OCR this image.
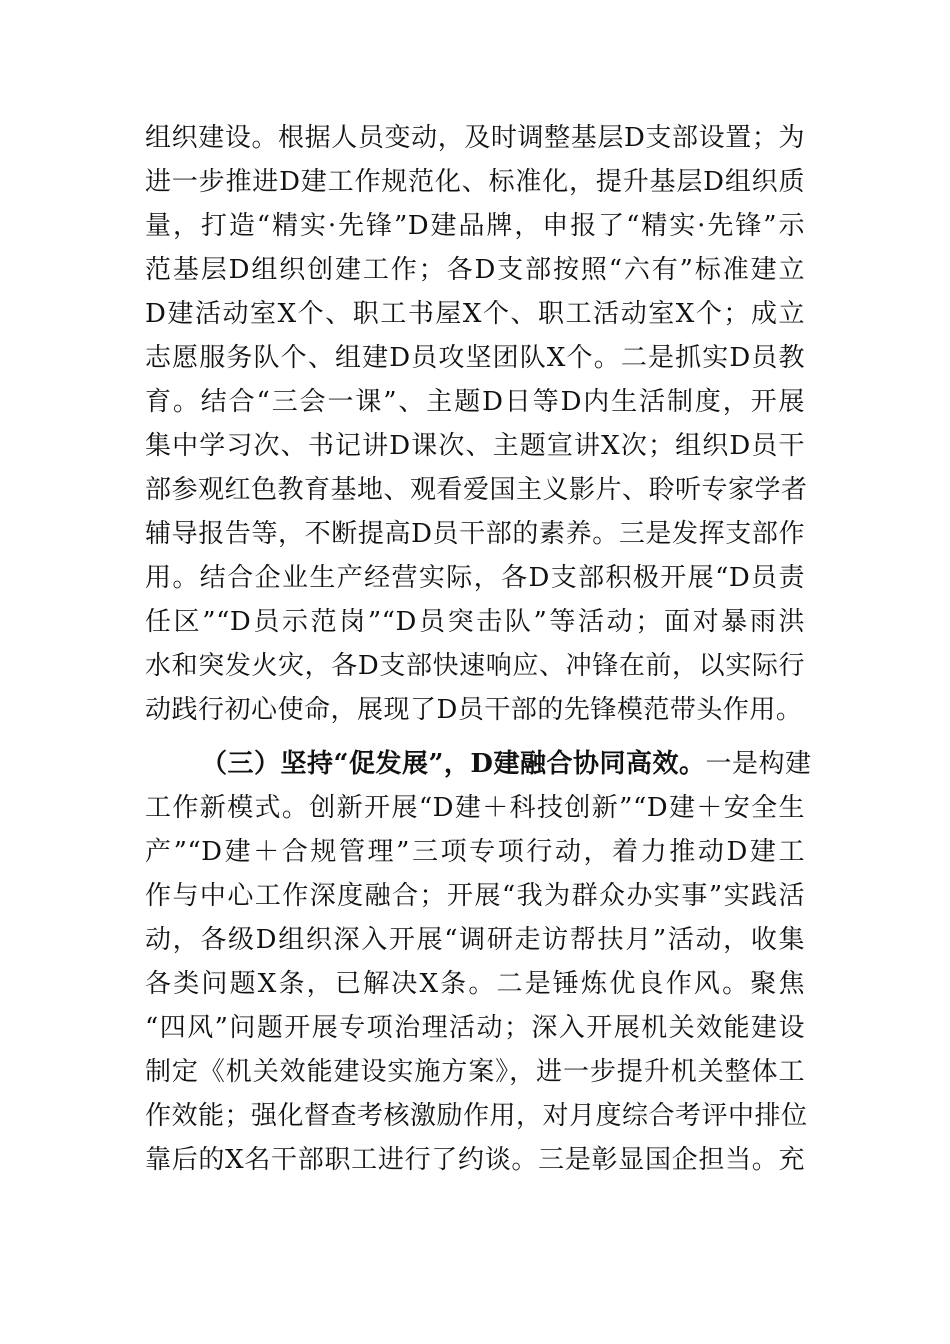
组织建设。根据人员变动，及时调整基层D支部设置；为
进一步推进D建工作规范化、标准化，提升基层D组织质
量，打造“精实·先锋”D建品牌，申报了“精实·先锋”示
范基层D组织创建工作；各D支部按照“六有”标准建立
D建活动室X个、职工书屋X个、职工活动室X个；成立
志愿服务队个、组建D员攻坚团队X个。二是抓实D员教
育。结合“三会一课”、主题D日等D内生活制度，开展
集中学习次、书记讲D课次、主题宣讲X次；组织D员干
部参观红色教育基地、观看爱国主义影片、聆听专家学者
辅导报告等，不断提高D员干部的素养。三是发挥支部作
用。结合企业生产经营实际，各D支部积极开展“D员责
任区”“D员示范岗”“D员突击队”等活动；面对暴雨洪
水和突发火灾，各D支部快速响应、冲锋在前，以实际行
动践行初心使命，展现了D员干部的先锋模范带头作用。
（三）坚持“促发展”，D建融合协同高效。一是构建
工作新模式。创新开展“D建＋科技创新”“D建＋安全生
产”“D建＋合规管理”三项专项行动，着力推动D建工
作与中心工作深度融合；开展“我为群众办实事”实践活
动，各级D组织深入开展“调研走访帮扶月”活动，收集
各类问题X条，已解决X条。二是锤炼优良作风。聚焦
“四风”问题开展专项治理活动；深入开展机关效能建设
制定《机关效能建设实施方案》，进一步提升机关整体工
作效能；强化督查考核激励作用，对月度综合考评中排位
靠后的X名干部职工进行了约谈。三是彰显国企担当。充
